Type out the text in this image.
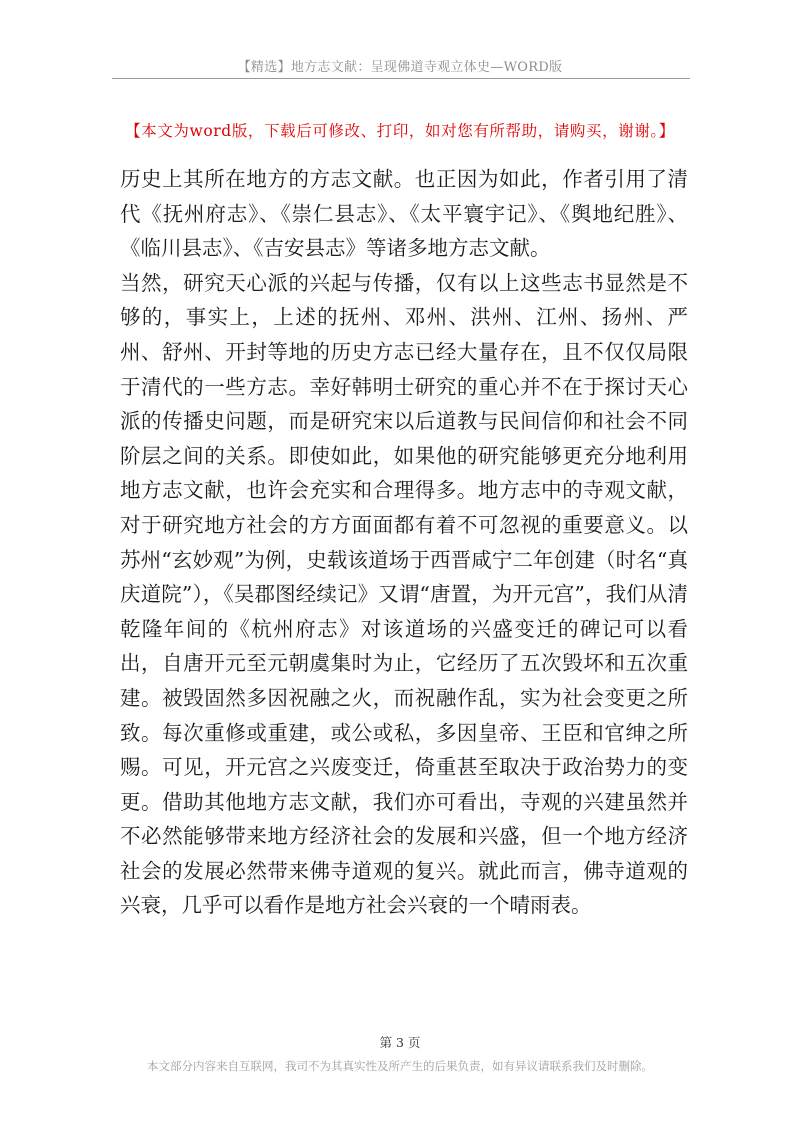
【精选】地方志文献：呈现佛道寺观立体史—WORD版
【本文为word版，下载后可修改、打印，如对您有所帮助，请购买，谢谢。】

历史上其所在地方的方志文献。也正因为如此，作者引用了清代《抚州府志》、《崇仁县志》、《太平寰宇记》、《舆地纪胜》、《临川县志》、《吉安县志》等诸多地方志文献。

当然，研究天心派的兴起与传播，仅有以上这些志书显然是不够的，事实上，上述的抚州、邓州、洪州、江州、扬州、严州、舒州、开封等地的历史方志已经大量存在，且不仅仅局限于清代的一些方志。幸好韩明士研究的重心并不在于探讨天心派的传播史问题，而是研究宋以后道教与民间信仰和社会不同阶层之间的关系。即使如此，如果他的研究能够更充分地利用地方志文献，也许会充实和合理得多。地方志中的寺观文献，对于研究地方社会的方方面面都有着不可忽视的重要意义。以苏州“玄妙观”为例，史载该道场于西晋咸宁二年创建（时名“真庆道院”），《吴郡图经续记》又谓“唐置，为开元宫”，我们从清乾隆年间的《杭州府志》对该道场的兴盛变迁的碑记可以看出，自唐开元至元朝虞集时为止，它经历了五次毁坏和五次重建。被毁固然多因祝融之火，而祝融作乱，实为社会变更之所致。每次重修或重建，或公或私，多因皇帝、王臣和官绅之所赐。可见，开元宫之兴废变迁，倚重甚至取决于政治势力的变更。借助其他地方志文献，我们亦可看出，寺观的兴建虽然并不必然能够带来地方经济社会的发展和兴盛，但一个地方经济社会的发展必然带来佛寺道观的复兴。就此而言，佛寺道观的兴衰，几乎可以看作是地方社会兴衰的一个晴雨表。

第 3 页
本文部分内容来自互联网，我司不为其真实性及所产生的后果负责，如有异议请联系我们及时删除。
